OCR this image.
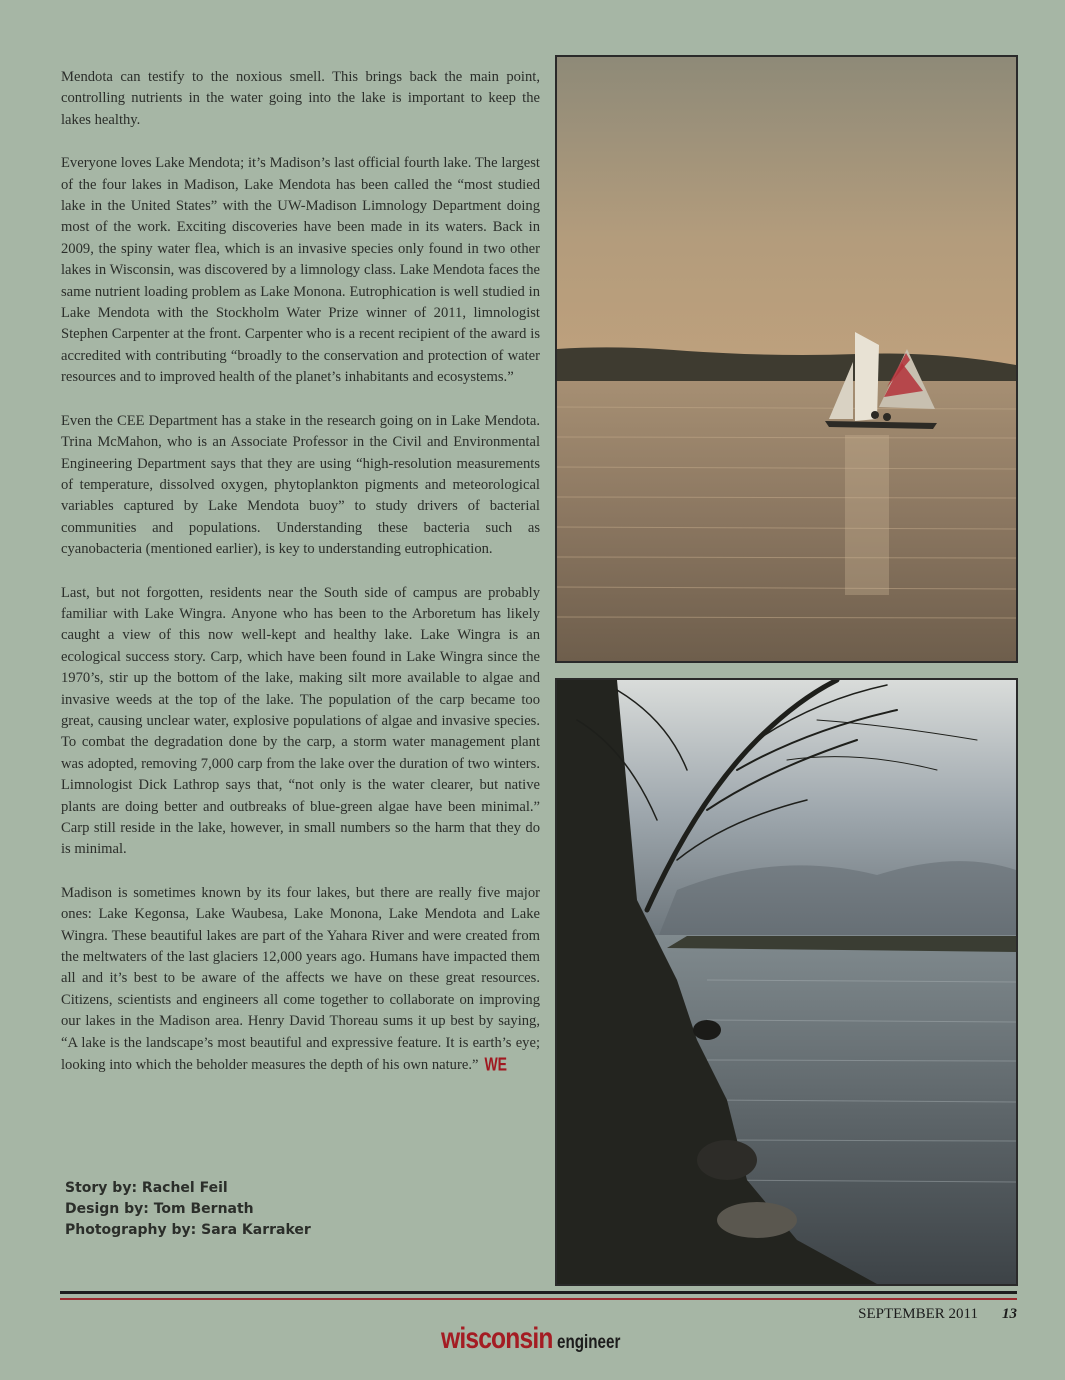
Mendota can testify to the noxious smell. This brings back the main point, controlling nutrients in the water going into the lake is important to keep the lakes healthy.

Everyone loves Lake Mendota; it’s Madison’s last official fourth lake. The largest of the four lakes in Madison, Lake Mendota has been called the “most studied lake in the United States” with the UW-Madison Limnology Department doing most of the work. Exciting discoveries have been made in its waters. Back in 2009, the spiny water flea, which is an invasive species only found in two other lakes in Wisconsin, was discovered by a limnology class. Lake Mendota faces the same nutrient loading problem as Lake Monona. Eutrophication is well studied in Lake Mendota with the Stockholm Water Prize winner of 2011, limnologist Stephen Carpenter at the front. Carpenter who is a recent recipient of the award is accredited with contributing “broadly to the conservation and protection of water resources and to improved health of the planet’s inhabitants and ecosystems.”

Even the CEE Department has a stake in the research going on in Lake Mendota. Trina McMahon, who is an Associate Professor in the Civil and Environmental Engineering Department says that they are using “high-resolution measurements of temperature, dissolved oxygen, phytoplankton pigments and meteorological variables captured by Lake Mendota buoy” to study drivers of bacterial communities and populations. Understanding these bacteria such as cyanobacteria (mentioned earlier), is key to understanding eutrophication.

Last, but not forgotten, residents near the South side of campus are probably familiar with Lake Wingra. Anyone who has been to the Arboretum has likely caught a view of this now well-kept and healthy lake. Lake Wingra is an ecological success story. Carp, which have been found in Lake Wingra since the 1970’s, stir up the bottom of the lake, making silt more available to algae and invasive weeds at the top of the lake. The population of the carp became too great, causing unclear water, explosive populations of algae and invasive species. To combat the degradation done by the carp, a storm water management plant was adopted, removing 7,000 carp from the lake over the duration of two winters. Limnologist Dick Lathrop says that, “not only is the water clearer, but native plants are doing better and outbreaks of blue-green algae have been minimal.” Carp still reside in the lake, however, in small numbers so the harm that they do is minimal.

Madison is sometimes known by its four lakes, but there are really five major ones: Lake Kegonsa, Lake Waubesa, Lake Monona, Lake Mendota and Lake Wingra. These beautiful lakes are part of the Yahara River and were created from the meltwaters of the last glaciers 12,000 years ago. Humans have impacted them all and it’s best to be aware of the affects we have on these great resources. Citizens, scientists and engineers all come together to collaborate on improving our lakes in the Madison area. Henry David Thoreau sums it up best by saying, “A lake is the landscape’s most beautiful and expressive feature. It is earth’s eye; looking into which the beholder measures the depth of his own nature.” WE

Story by: Rachel Feil
Design by: Tom Bernath
Photography by: Sara Karraker
SEPTEMBER 2011 13
wisconsin engineer
